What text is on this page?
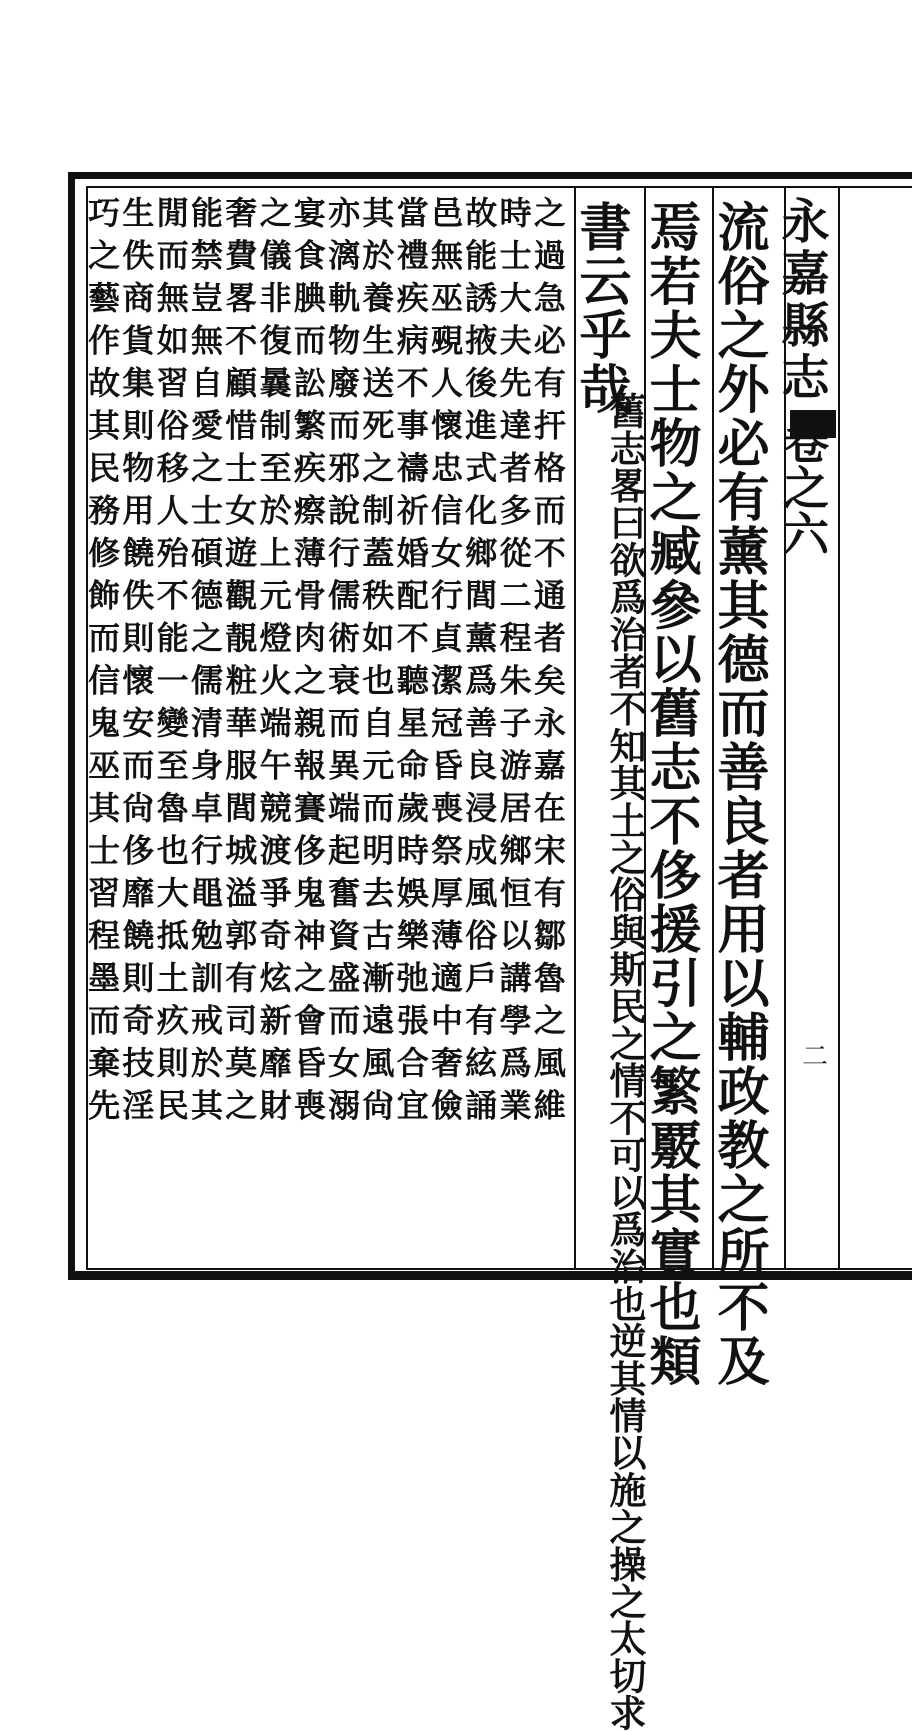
永嘉縣志
卷之六
二
流俗之外必有薰其德而善良者用以輔政教之所不及
焉若夫士物之臧參以舊志不侈援引之繁覈其實也類
書云乎哉
舊志畧曰欲爲治者不知其土之俗與斯民之情不可以爲治也逆其情以施之操之太切求
之過急必有扞格而不通者矣永嘉在宋有鄒魯之風維
時士大夫先達者多從二程朱子游居鄉恒以講學爲業
故能誘掖後進式化鄉閭薰爲善良浸成風俗戶有絃誦
邑無巫覡人懷忠信女行貞潔冠昏喪祭厚薄適中奢儉
當禮疾病不事禱祈婚配不聽星命歲時娛樂弛張合宜
其於養生送死之制蓋秩如也自元而明去古漸遠風尙
亦漓軌物廢而邪說行儒術衰而異端起奮資盛而女溺
宴食腆而訟繁疾瘵薄骨肉之親報賽侈鬼神之會昏喪
之儀非復曩制至於上元燈火端午競渡爭奇炫新靡財
奢費畧不顧惜士女遊觀靚粧華服閭城溢郭有司莫之
能禁豈無自愛之士碩德之儒清身卓行黽勉訓戒於其
閒而無如習俗移人殆不能一變至魯也大抵土疚則民
生佚商貨集則物用饒佚則懷安而尙侈靡饒則奇技淫
巧之藝作故其民務修飾而信鬼巫其士習程墨而棄先
